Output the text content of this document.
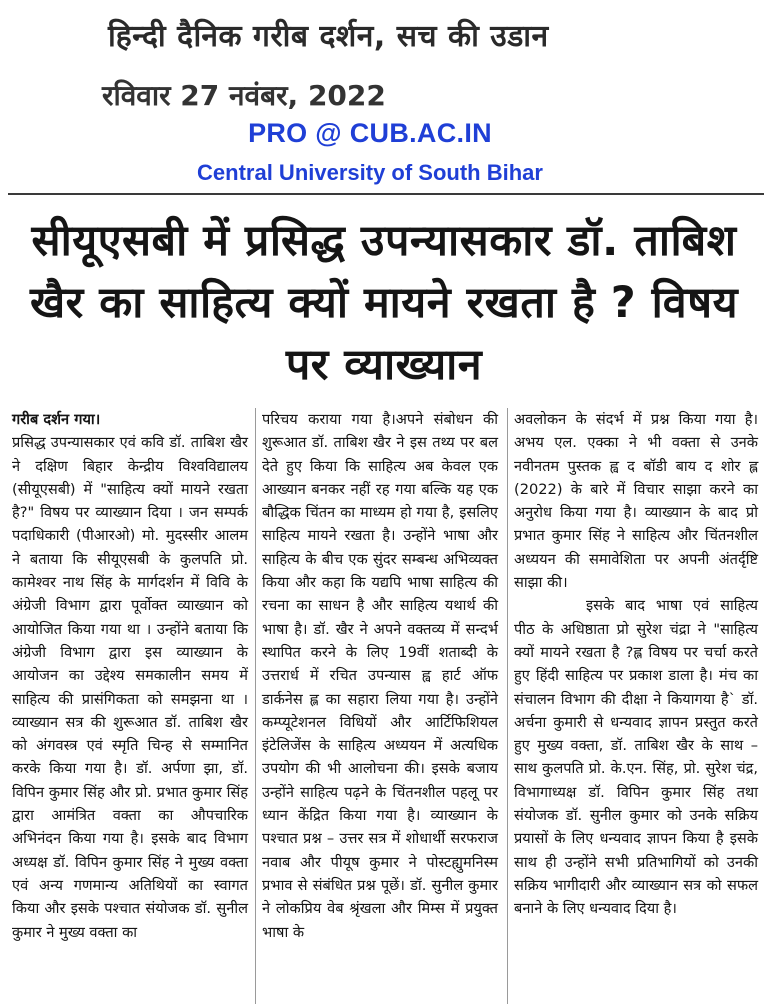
हिन्दी दैनिक गरीब दर्शन, सच की उडान
रविवार 27 नवंबर, 2022
PRO @ CUB.AC.IN
Central University of South Bihar
सीयूएसबी में प्रसिद्ध उपन्यासकार डॉ. ताबिश खैर का साहित्य क्यों मायने रखता है ? विषय पर व्याख्यान

गरीब दर्शन गया।

प्रसिद्ध उपन्यासकार एवं कवि डॉ. ताबिश खैर ने दक्षिण बिहार केन्द्रीय विश्वविद्यालय (सीयूएसबी) में "साहित्य क्यों मायने रखता है?" विषय पर व्याख्यान दिया । जन सम्पर्क पदाधिकारी (पीआरओ) मो. मुदस्सीर आलम ने बताया कि सीयूएसबी के कुलपति प्रो. कामेश्वर नाथ सिंह के मार्गदर्शन में विवि के अंग्रेजी विभाग द्वारा पूर्वोक्त व्याख्यान को आयोजित किया गया था । उन्होंने बताया कि अंग्रेजी विभाग द्वारा इस व्याख्यान के आयोजन का उद्देश्य समकालीन समय में साहित्य की प्रासंगिकता को समझना था । व्याख्यान सत्र की शुरूआत डॉ. ताबिश खैर को अंगवस्त्र एवं स्मृति चिन्ह से सम्मानित करके किया गया है। डॉ. अर्पणा झा, डॉ. विपिन कुमार सिंह और प्रो. प्रभात कुमार सिंह द्वारा आमंत्रित वक्ता का औपचारिक अभिनंदन किया गया है। इसके बाद विभाग अध्यक्ष डॉ. विपिन कुमार सिंह ने मुख्य वक्ता एवं अन्य गणमान्य अतिथियों का स्वागत किया और इसके पश्चात संयोजक डॉ. सुनील कुमार ने मुख्य वक्ता का

परिचय कराया गया है।अपने संबोधन की शुरूआत डॉ. ताबिश खैर ने इस तथ्य पर बल देते हुए किया कि साहित्य अब केवल एक आख्यान बनकर नहीं रह गया बल्कि यह एक बौद्धिक चिंतन का माध्यम हो गया है, इसलिए साहित्य मायने रखता है। उन्होंने भाषा और साहित्य के बीच एक सुंदर सम्बन्ध अभिव्यक्त किया और कहा कि यद्यपि भाषा साहित्य की रचना का साधन है और साहित्य यथार्थ की भाषा है। डॉ. खैर ने अपने वक्तव्य में सन्दर्भ स्थापित करने के लिए 19वीं शताब्दी के उत्तरार्ध में रचित उपन्यास ह्व हार्ट ऑफ डार्कनेस ह्ल का सहारा लिया गया है। उन्होंने कम्प्यूटेशनल विधियों और आर्टिफिशियल इंटेलिजेंस के साहित्य अध्ययन में अत्यधिक उपयोग की भी आलोचना की। इसके बजाय उन्होंने साहित्य पढ़ने के चिंतनशील पहलू पर ध्यान केंद्रित किया गया है। व्याख्यान के पश्चात प्रश्न – उत्तर सत्र में शोधार्थी सरफराज नवाब और पीयूष कुमार ने पोस्टह्युमनिस्म प्रभाव से संबंधित प्रश्न पूछें। डॉ. सुनील कुमार ने लोकप्रिय वेब श्रृंखला और मिम्स में प्रयुक्त भाषा के

अवलोकन के संदर्भ में प्रश्न किया गया है। अभय एल. एक्का ने भी वक्ता से उनके नवीनतम पुस्तक ह्व द बॉडी बाय द शोर ह्ल (2022) के बारे में विचार साझा करने का अनुरोध किया गया है। व्याख्यान के बाद प्रो प्रभात कुमार सिंह ने साहित्य और चिंतनशील अध्ययन की समावेशिता पर अपनी अंतर्दृष्टि साझा की।

इसके बाद भाषा एवं साहित्य पीठ के अधिष्ठाता प्रो सुरेश चंद्रा ने "साहित्य क्यों मायने रखता है ?ह्ल विषय पर चर्चा करते हुए हिंदी साहित्य पर प्रकाश डाला है। मंच का संचालन विभाग की दीक्षा ने कियागया है` डॉ. अर्चना कुमारी से धन्यवाद ज्ञापन प्रस्तुत करते हुए मुख्य वक्ता, डॉ. ताबिश खैर के साथ – साथ कुलपति प्रो. के.एन. सिंह, प्रो. सुरेश चंद्र, विभागाध्यक्ष डॉ. विपिन कुमार सिंह तथा संयोजक डॉ. सुनील कुमार को उनके सक्रिय प्रयासों के लिए धन्यवाद ज्ञापन किया है इसके साथ ही उन्होंने सभी प्रतिभागियों को उनकी सक्रिय भागीदारी और व्याख्यान सत्र को सफल बनाने के लिए धन्यवाद दिया है।
